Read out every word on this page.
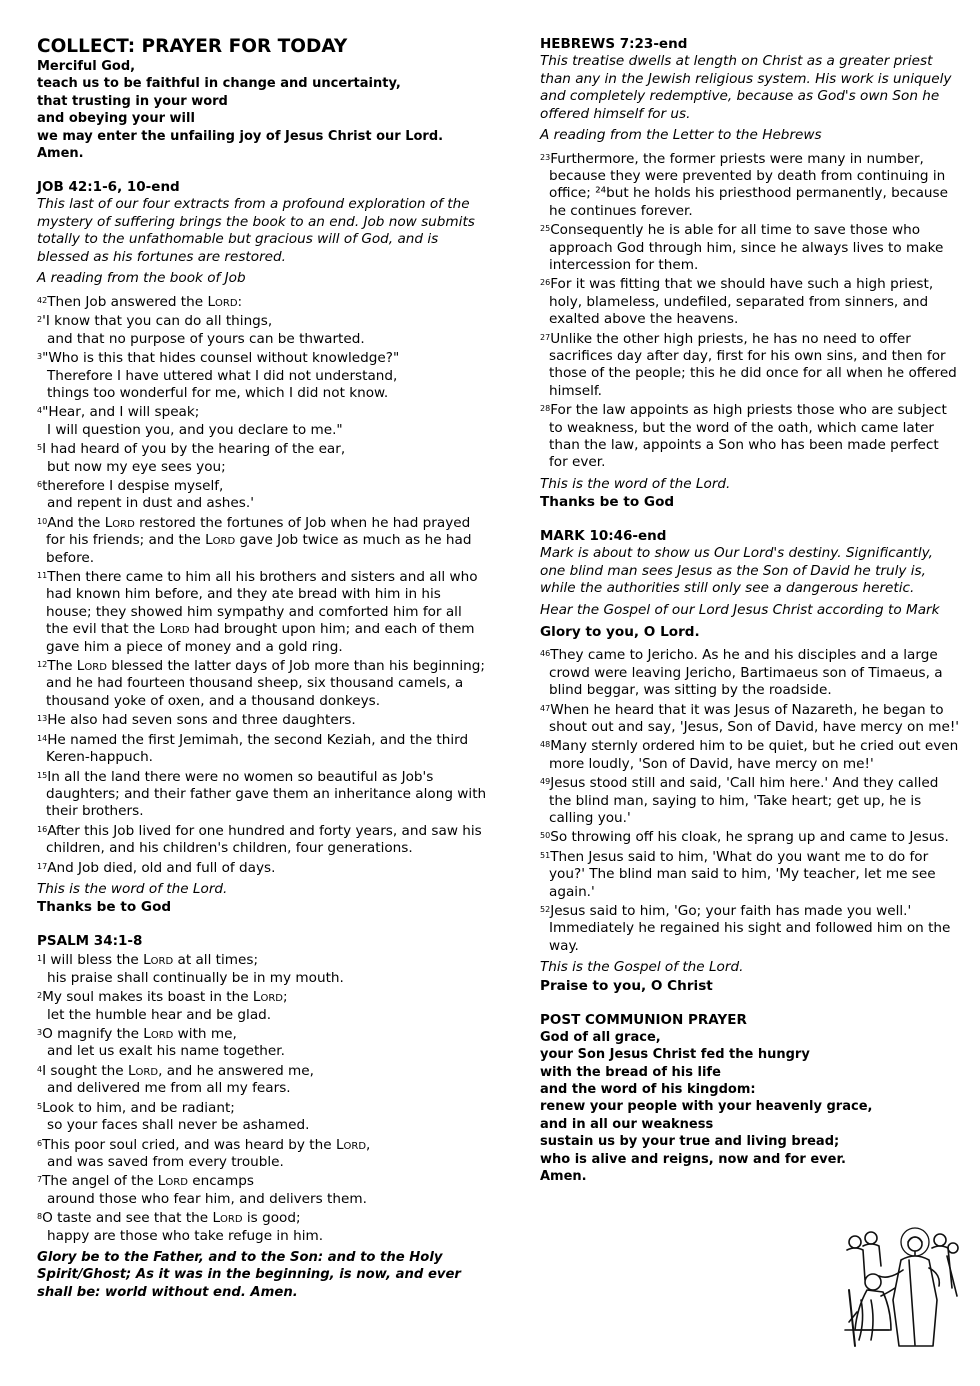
COLLECT: PRAYER FOR TODAY

Merciful God,

teach us to be faithful in change and uncertainty,

that trusting in your word

and obeying your will

we may enter the unfailing joy of Jesus Christ our Lord.

Amen.

JOB 42:1-6, 10-end

This last of our four extracts from a profound exploration of the mystery of suffering brings the book to an end. Job now submits totally to the unfathomable but gracious will of God, and is blessed as his fortunes are restored.

A reading from the book of Job

$^{42}$Then Job answered the Lord:

$^2$'I know that you can do all things,

and that no purpose of yours can be thwarted.

$^3$"Who is this that hides counsel without knowledge?"

Therefore I have uttered what I did not understand,

things too wonderful for me, which I did not know.

$^4$"Hear, and I will speak;

I will question you, and you declare to me."

$^5$I had heard of you by the hearing of the ear,

but now my eye sees you;

$^6$therefore I despise myself,

and repent in dust and ashes.'

$^{10}$And the Lord restored the fortunes of Job when he had prayed for his friends; and the Lord gave Job twice as much as he had before.

$^{11}$Then there came to him all his brothers and sisters and all who had known him before, and they ate bread with him in his house; they showed him sympathy and comforted him for all the evil that the Lord had brought upon him; and each of them gave him a piece of money and a gold ring.

$^{12}$The Lord blessed the latter days of Job more than his beginning; and he had fourteen thousand sheep, six thousand camels, a thousand yoke of oxen, and a thousand donkeys.

$^{13}$He also had seven sons and three daughters.

$^{14}$He named the first Jemimah, the second Keziah, and the third Keren-happuch.

$^{15}$In all the land there were no women so beautiful as Job's daughters; and their father gave them an inheritance along with their brothers.

$^{16}$After this Job lived for one hundred and forty years, and saw his children, and his children's children, four generations.

$^{17}$And Job died, old and full of days.

This is the word of the Lord.

Thanks be to God

PSALM 34:1-8

$^1$I will bless the Lord at all times;

his praise shall continually be in my mouth.

$^2$My soul makes its boast in the Lord;

let the humble hear and be glad.

$^3$O magnify the Lord with me,

and let us exalt his name together.

$^4$I sought the Lord, and he answered me,

and delivered me from all my fears.

$^5$Look to him, and be radiant;

so your faces shall never be ashamed.

$^6$This poor soul cried, and was heard by the Lord,

and was saved from every trouble.

$^7$The angel of the Lord encamps

around those who fear him, and delivers them.

$^8$O taste and see that the Lord is good;

happy are those who take refuge in him.

Glory be to the Father, and to the Son: and to the Holy Spirit/Ghost; As it was in the beginning, is now, and ever shall be: world without end. Amen.

HEBREWS 7:23-end

This treatise dwells at length on Christ as a greater priest than any in the Jewish religious system. His work is uniquely and completely redemptive, because as God's own Son he offered himself for us.

A reading from the Letter to the Hebrews

$^{23}$Furthermore, the former priests were many in number, because they were prevented by death from continuing in office; ²⁴but he holds his priesthood permanently, because he continues forever.

$^{25}$Consequently he is able for all time to save those who approach God through him, since he always lives to make intercession for them.

$^{26}$For it was fitting that we should have such a high priest, holy, blameless, undefiled, separated from sinners, and exalted above the heavens.

$^{27}$Unlike the other high priests, he has no need to offer sacrifices day after day, first for his own sins, and then for those of the people; this he did once for all when he offered himself.

$^{28}$For the law appoints as high priests those who are subject to weakness, but the word of the oath, which came later than the law, appoints a Son who has been made perfect for ever.

This is the word of the Lord.

Thanks be to God

MARK 10:46-end

Mark is about to show us Our Lord's destiny. Significantly, one blind man sees Jesus as the Son of David he truly is, while the authorities still only see a dangerous heretic.

Hear the Gospel of our Lord Jesus Christ according to Mark

Glory to you, O Lord.

$^{46}$They came to Jericho. As he and his disciples and a large crowd were leaving Jericho, Bartimaeus son of Timaeus, a blind beggar, was sitting by the roadside.

$^{47}$When he heard that it was Jesus of Nazareth, he began to shout out and say, 'Jesus, Son of David, have mercy on me!'

$^{48}$Many sternly ordered him to be quiet, but he cried out even more loudly, 'Son of David, have mercy on me!'

$^{49}$Jesus stood still and said, 'Call him here.' And they called the blind man, saying to him, 'Take heart; get up, he is calling you.'

$^{50}$So throwing off his cloak, he sprang up and came to Jesus.

$^{51}$Then Jesus said to him, 'What do you want me to do for you?' The blind man said to him, 'My teacher, let me see again.'

$^{52}$Jesus said to him, 'Go; your faith has made you well.' Immediately he regained his sight and followed him on the way.

This is the Gospel of the Lord.

Praise to you, O Christ

POST COMMUNION PRAYER

God of all grace,

your Son Jesus Christ fed the hungry

with the bread of his life

and the word of his kingdom:

renew your people with your heavenly grace,

and in all our weakness

sustain us by your true and living bread;

who is alive and reigns, now and for ever.

Amen.
